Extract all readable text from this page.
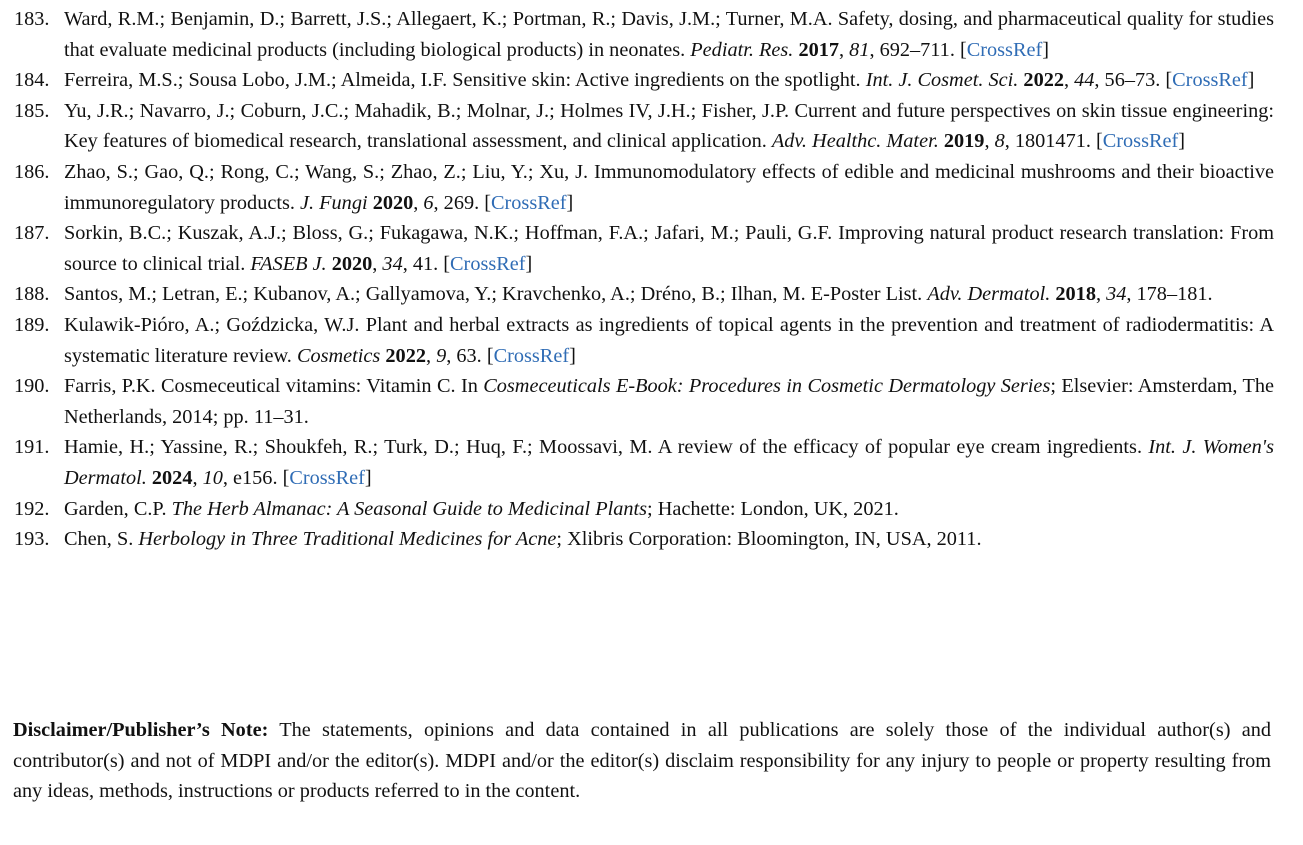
183. Ward, R.M.; Benjamin, D.; Barrett, J.S.; Allegaert, K.; Portman, R.; Davis, J.M.; Turner, M.A. Safety, dosing, and pharmaceutical quality for studies that evaluate medicinal products (including biological products) in neonates. Pediatr. Res. 2017, 81, 692–711. [CrossRef]
184. Ferreira, M.S.; Sousa Lobo, J.M.; Almeida, I.F. Sensitive skin: Active ingredients on the spotlight. Int. J. Cosmet. Sci. 2022, 44, 56–73. [CrossRef]
185. Yu, J.R.; Navarro, J.; Coburn, J.C.; Mahadik, B.; Molnar, J.; Holmes IV, J.H.; Fisher, J.P. Current and future perspectives on skin tissue engineering: Key features of biomedical research, translational assessment, and clinical application. Adv. Healthc. Mater. 2019, 8, 1801471. [CrossRef]
186. Zhao, S.; Gao, Q.; Rong, C.; Wang, S.; Zhao, Z.; Liu, Y.; Xu, J. Immunomodulatory effects of edible and medicinal mushrooms and their bioactive immunoregulatory products. J. Fungi 2020, 6, 269. [CrossRef]
187. Sorkin, B.C.; Kuszak, A.J.; Bloss, G.; Fukagawa, N.K.; Hoffman, F.A.; Jafari, M.; Pauli, G.F. Improving natural product research translation: From source to clinical trial. FASEB J. 2020, 34, 41. [CrossRef]
188. Santos, M.; Letran, E.; Kubanov, A.; Gallyamova, Y.; Kravchenko, A.; Dréno, B.; Ilhan, M. E-Poster List. Adv. Dermatol. 2018, 34, 178–181.
189. Kulawik-Pióro, A.; Goździcka, W.J. Plant and herbal extracts as ingredients of topical agents in the prevention and treatment of radiodermatitis: A systematic literature review. Cosmetics 2022, 9, 63. [CrossRef]
190. Farris, P.K. Cosmeceutical vitamins: Vitamin C. In Cosmeceuticals E-Book: Procedures in Cosmetic Dermatology Series; Elsevier: Amsterdam, The Netherlands, 2014; pp. 11–31.
191. Hamie, H.; Yassine, R.; Shoukfeh, R.; Turk, D.; Huq, F.; Moossavi, M. A review of the efficacy of popular eye cream ingredients. Int. J. Women's Dermatol. 2024, 10, e156. [CrossRef]
192. Garden, C.P. The Herb Almanac: A Seasonal Guide to Medicinal Plants; Hachette: London, UK, 2021.
193. Chen, S. Herbology in Three Traditional Medicines for Acne; Xlibris Corporation: Bloomington, IN, USA, 2011.

Disclaimer/Publisher’s Note: The statements, opinions and data contained in all publications are solely those of the individual author(s) and contributor(s) and not of MDPI and/or the editor(s). MDPI and/or the editor(s) disclaim responsibility for any injury to people or property resulting from any ideas, methods, instructions or products referred to in the content.
